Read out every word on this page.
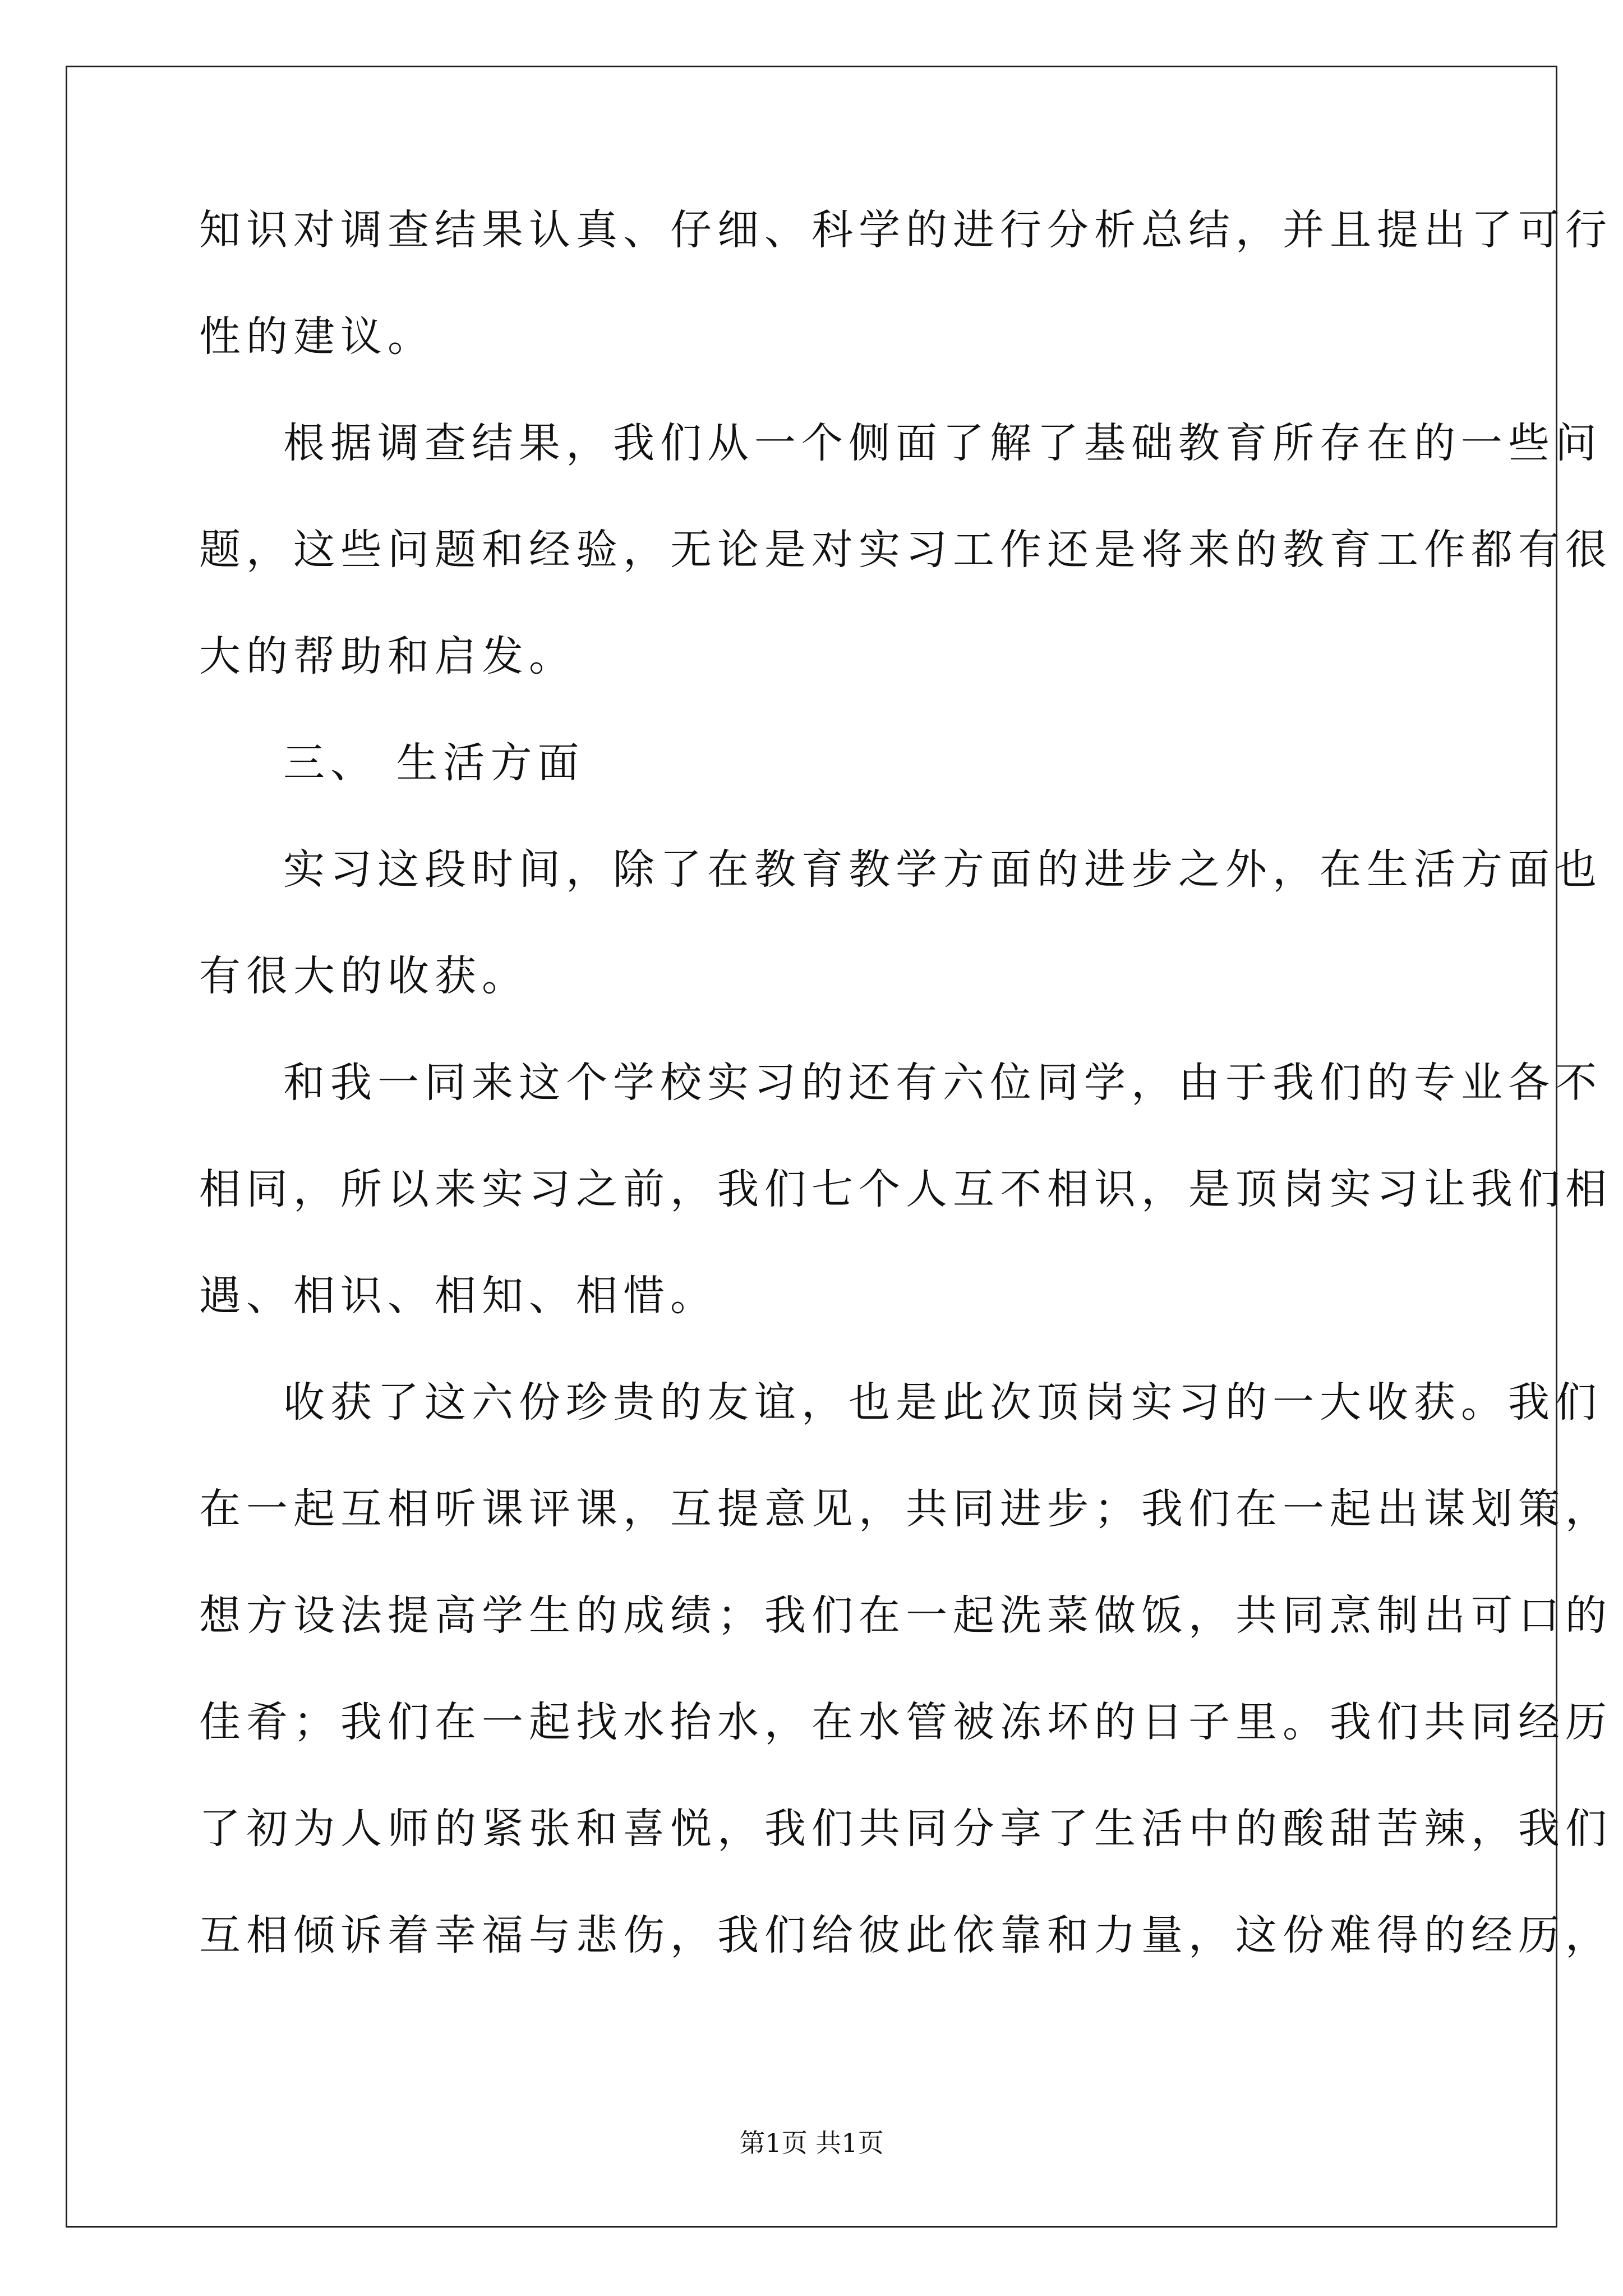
知识对调查结果认真、仔细、科学的进行分析总结，并且提出了可行
性的建议。
根据调查结果，我们从一个侧面了解了基础教育所存在的一些问
题，这些问题和经验，无论是对实习工作还是将来的教育工作都有很
大的帮助和启发。
三、 生活方面
实习这段时间，除了在教育教学方面的进步之外，在生活方面也
有很大的收获。
和我一同来这个学校实习的还有六位同学，由于我们的专业各不
相同，所以来实习之前，我们七个人互不相识，是顶岗实习让我们相
遇、相识、相知、相惜。
收获了这六份珍贵的友谊，也是此次顶岗实习的一大收获。我们
在一起互相听课评课，互提意见，共同进步；我们在一起出谋划策，
想方设法提高学生的成绩；我们在一起洗菜做饭，共同烹制出可口的
佳肴；我们在一起找水抬水，在水管被冻坏的日子里。我们共同经历
了初为人师的紧张和喜悦，我们共同分享了生活中的酸甜苦辣，我们
互相倾诉着幸福与悲伤，我们给彼此依靠和力量，这份难得的经历，
第1页 共1页
